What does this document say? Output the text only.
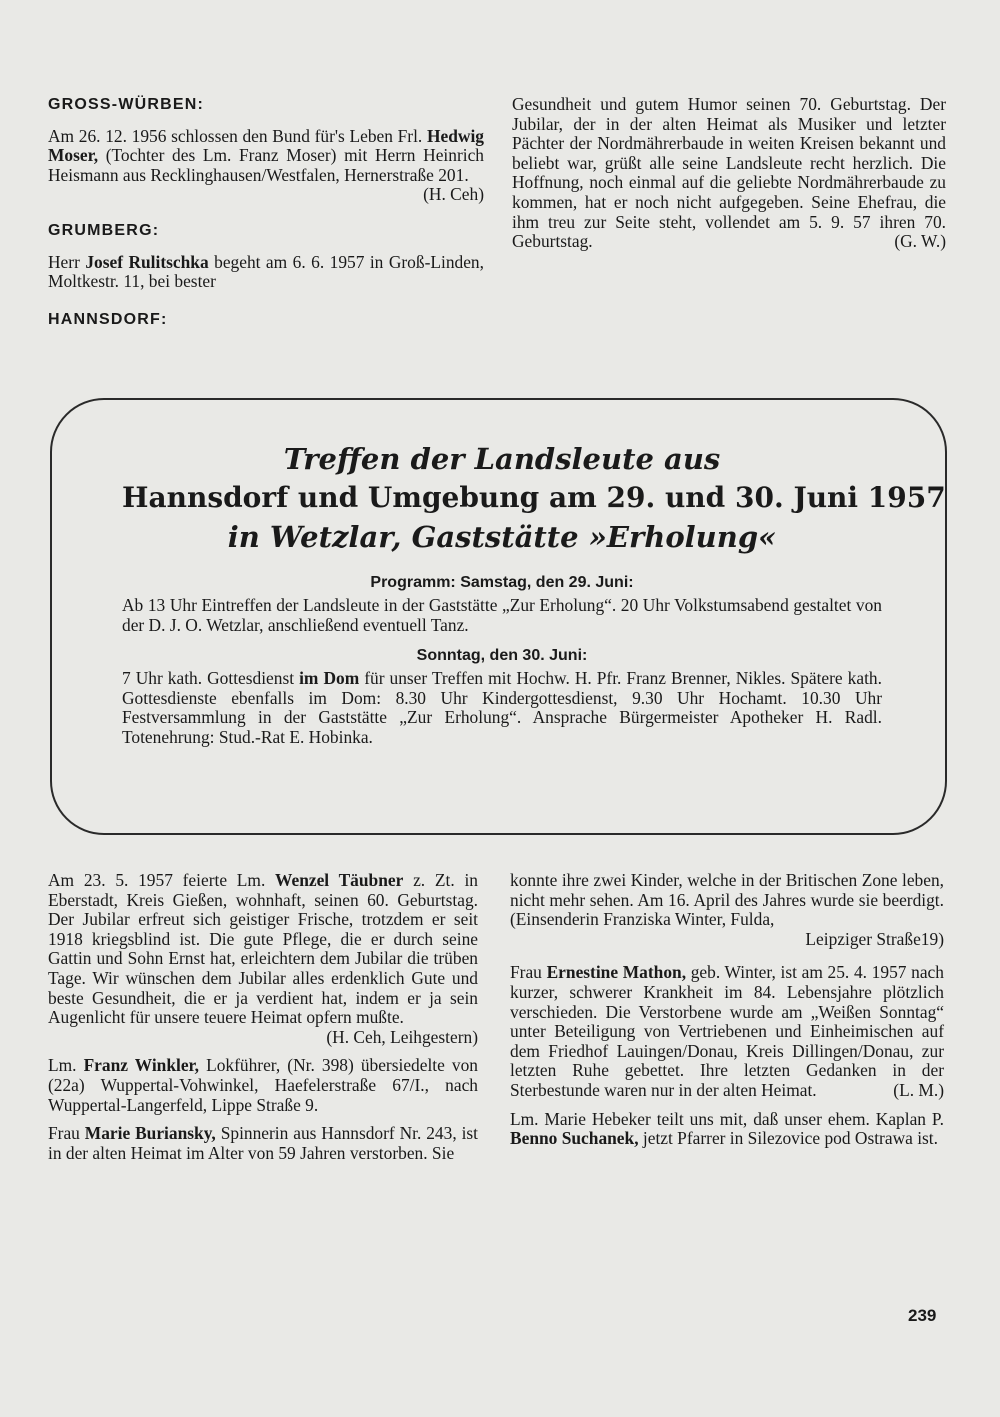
GROSS-WÜRBEN:

Am 26. 12. 1956 schlossen den Bund für's Leben Frl. Hedwig Moser, (Tochter des Lm. Franz Moser) mit Herrn Heinrich Heismann aus Recklinghausen/Westfalen, Hernerstraße 201.
(H. Ceh)

GRUMBERG:

Herr Josef Rulitschka begeht am 6. 6. 1957 in Groß-Linden, Moltkestr. 11, bei bester

HANNSDORF:

Gesundheit und gutem Humor seinen 70. Geburtstag. Der Jubilar, der in der alten Heimat als Musiker und letzter Pächter der Nordmährerbaude in weiten Kreisen bekannt und beliebt war, grüßt alle seine Landsleute recht herzlich. Die Hoffnung, noch einmal auf die geliebte Nordmährerbaude zu kommen, hat er noch nicht aufgegeben. Seine Ehefrau, die ihm treu zur Seite steht, vollendet am 5. 9. 57 ihren 70. Geburtstag.	(G. W.)

Treffen der Landsleute aus

Hannsdorf und Umgebung am 29. und 30. Juni 1957

in Wetzlar, Gaststätte »Erholung«

Programm: Samstag, den 29. Juni:

Ab 13 Uhr Eintreffen der Landsleute in der Gaststätte „Zur Erholung“. 20 Uhr Volkstumsabend gestaltet von der D. J. O. Wetzlar, anschließend eventuell Tanz.

Sonntag, den 30. Juni:

7 Uhr kath. Gottesdienst im Dom für unser Treffen mit Hochw. H. Pfr. Franz Brenner, Nikles. Spätere kath. Gottesdienste ebenfalls im Dom: 8.30 Uhr Kindergottesdienst, 9.30 Uhr Hochamt. 10.30 Uhr Festversammlung in der Gaststätte „Zur Erholung“. Ansprache Bürgermeister Apotheker H. Radl. Totenehrung: Stud.-Rat E. Hobinka.

Am 23. 5. 1957 feierte Lm. Wenzel Täubner z. Zt. in Eberstadt, Kreis Gießen, wohnhaft, seinen 60. Geburtstag. Der Jubilar erfreut sich geistiger Frische, trotzdem er seit 1918 kriegsblind ist. Die gute Pflege, die er durch seine Gattin und Sohn Ernst hat, erleichtern dem Jubilar die trüben Tage. Wir wünschen dem Jubilar alles erdenklich Gute und beste Gesundheit, die er ja verdient hat, indem er ja sein Augenlicht für unsere teuere Heimat opfern mußte.
(H. Ceh, Leihgestern)

Lm. Franz Winkler, Lokführer, (Nr. 398) übersiedelte von (22a) Wuppertal-Vohwinkel, Haefelerstraße 67/I., nach Wuppertal-Langerfeld, Lippe Straße 9.

Frau Marie Buriansky, Spinnerin aus Hannsdorf Nr. 243, ist in der alten Heimat im Alter von 59 Jahren verstorben. Sie

konnte ihre zwei Kinder, welche in der Britischen Zone leben, nicht mehr sehen. Am 16. April des Jahres wurde sie beerdigt. (Einsenderin Franziska Winter, Fulda,
Leipziger Straße19)

Frau Ernestine Mathon, geb. Winter, ist am 25. 4. 1957 nach kurzer, schwerer Krankheit im 84. Lebensjahre plötzlich verschieden. Die Verstorbene wurde am „Weißen Sonntag“ unter Beteiligung von Vertriebenen und Einheimischen auf dem Friedhof Lauingen/Donau, Kreis Dillingen/Donau, zur letzten Ruhe gebettet. Ihre letzten Gedanken in der Sterbestunde waren nur in der alten Heimat.	(L. M.)

Lm. Marie Hebeker teilt uns mit, daß unser ehem. Kaplan P. Benno Suchanek, jetzt Pfarrer in Silezovice pod Ostrawa ist.

239
